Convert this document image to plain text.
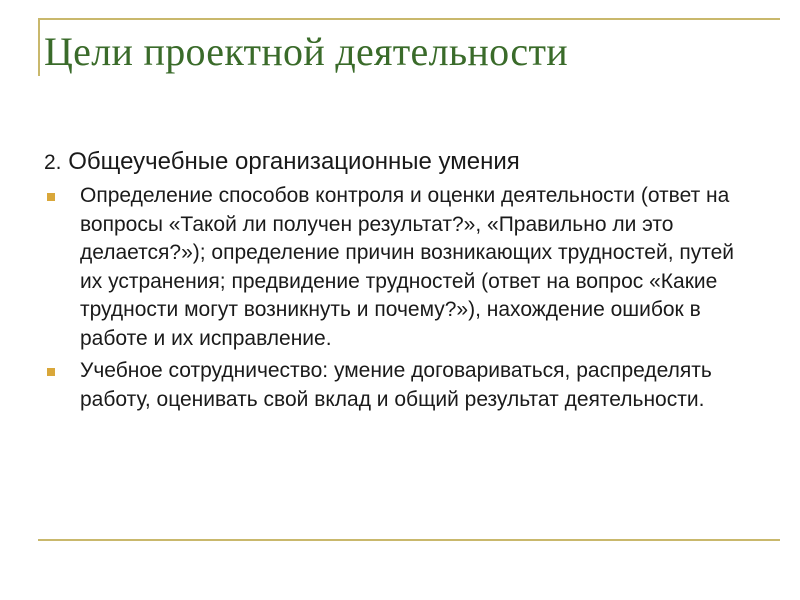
Цели проектной деятельности
2. Общеучебные организационные умения
Определение способов контроля и оценки деятельности (ответ на вопросы «Такой ли получен результат?», «Правильно ли это делается?»); определение причин возникающих трудностей, путей их устранения; предвидение трудностей (ответ на вопрос «Какие трудности могут возникнуть и почему?»), нахождение ошибок в работе и их исправление.
Учебное сотрудничество: умение договариваться, распределять работу, оценивать свой вклад и общий результат деятельности.
